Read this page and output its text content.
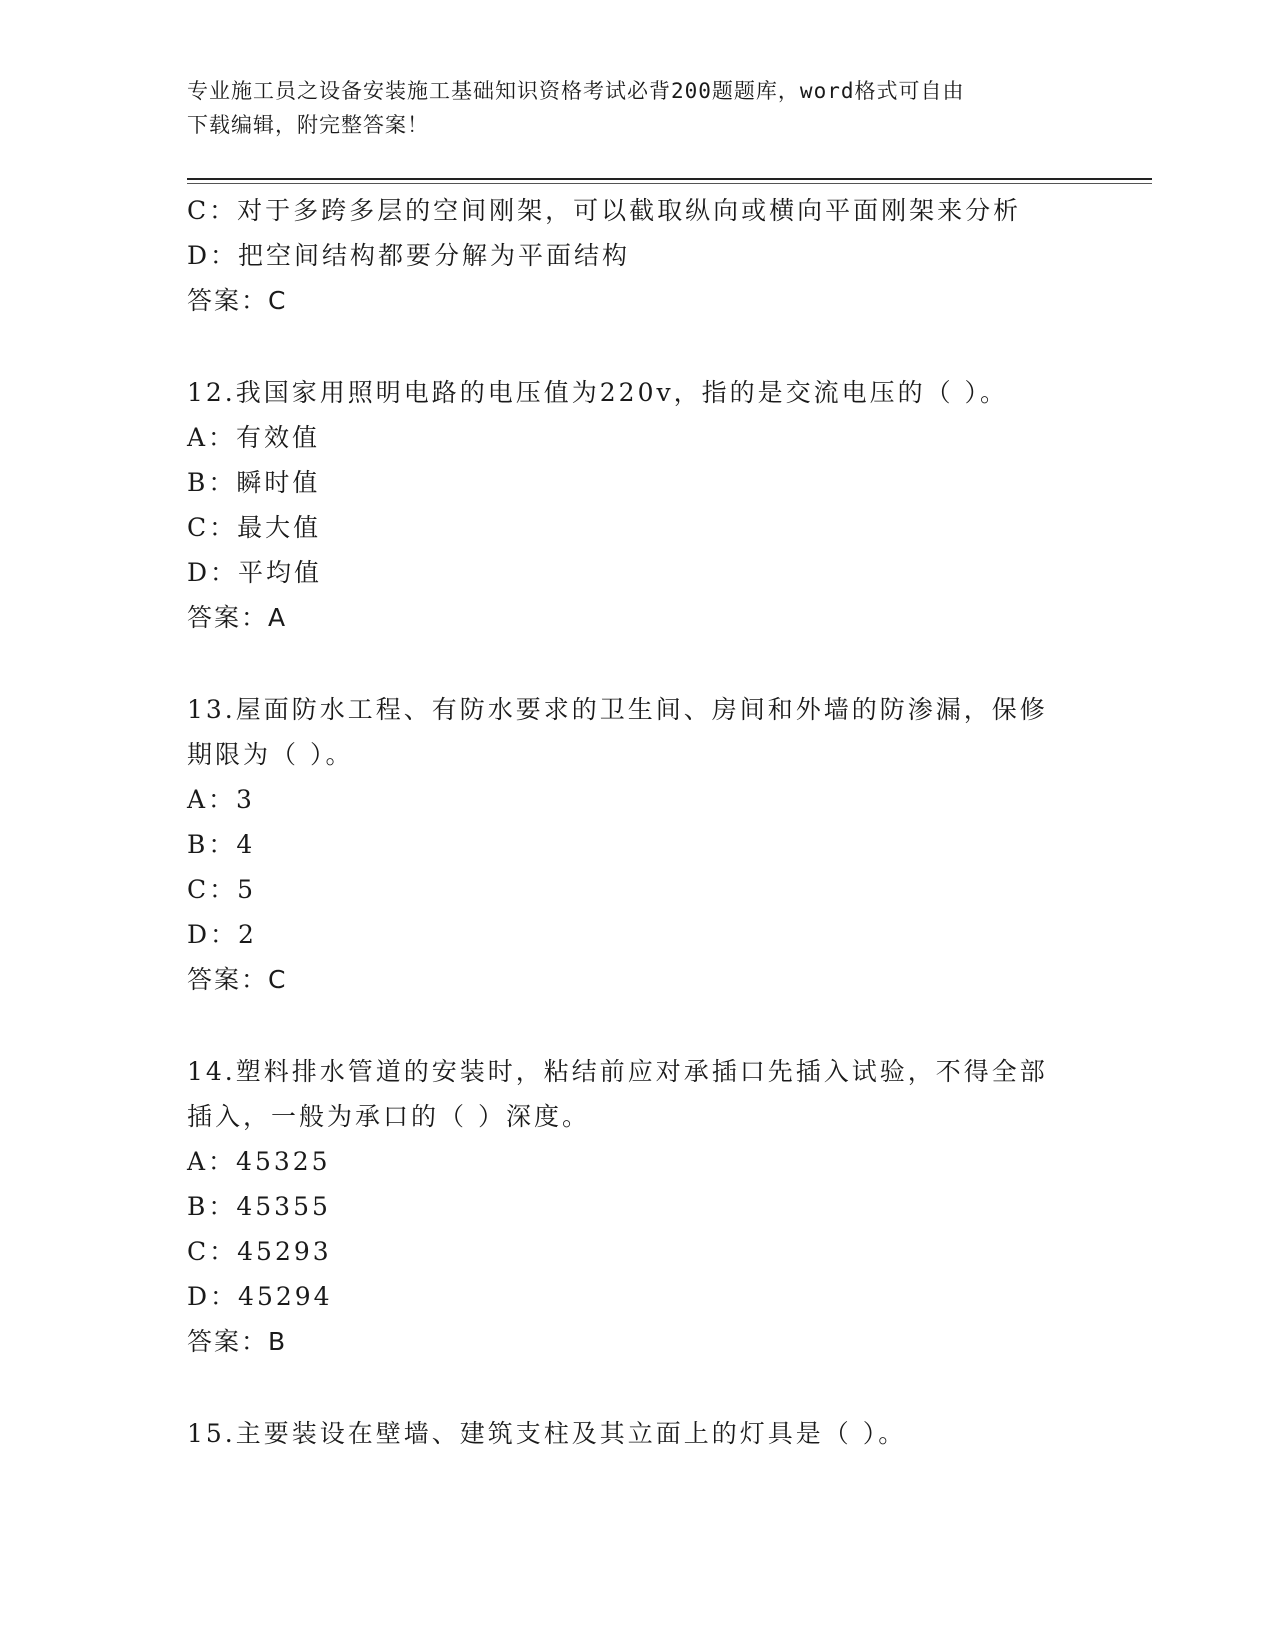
专业施工员之设备安装施工基础知识资格考试必背200题题库，word格式可自由
下载编辑，附完整答案！
C：对于多跨多层的空间刚架，可以截取纵向或横向平面刚架来分析
D：把空间结构都要分解为平面结构
答案：C
12.我国家用照明电路的电压值为220v，指的是交流电压的（ ）。
A：有效值
B：瞬时值
C：最大值
D：平均值
答案：A
13.屋面防水工程、有防水要求的卫生间、房间和外墙的防渗漏，保修
期限为（ ）。
A：3
B：4
C：5
D：2
答案：C
14.塑料排水管道的安装时，粘结前应对承插口先插入试验，不得全部
插入，一般为承口的（ ）深度。
A：45325
B：45355
C：45293
D：45294
答案：B
15.主要装设在壁墙、建筑支柱及其立面上的灯具是（ ）。
